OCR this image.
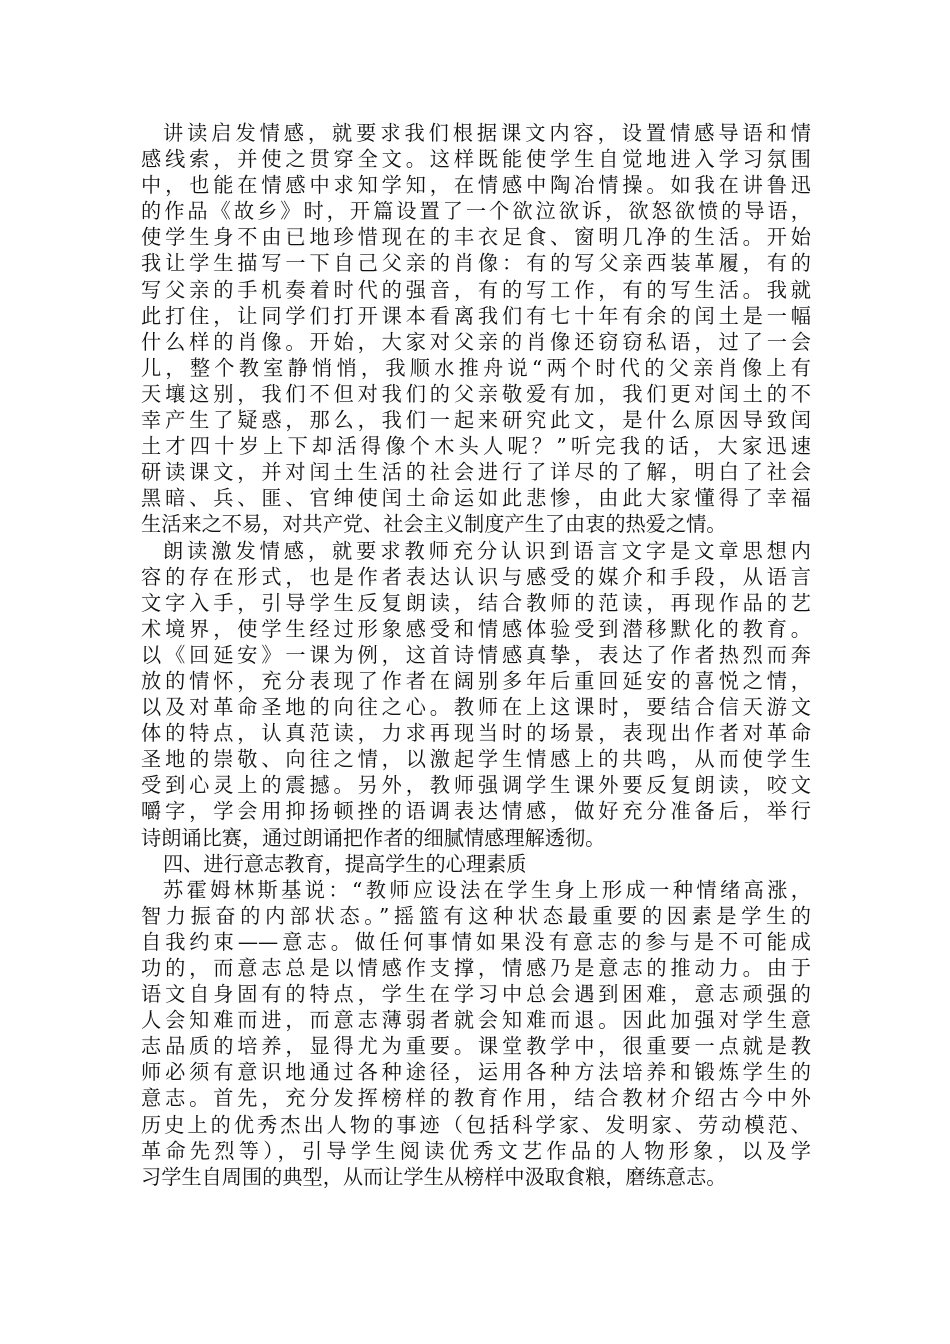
讲读启发情感，就要求我们根据课文内容，设置情感导语和情
感线索，并使之贯穿全文。这样既能使学生自觉地进入学习氛围
中，也能在情感中求知学知，在情感中陶冶情操。如我在讲鲁迅
的作品《故乡》时，开篇设置了一个欲泣欲诉，欲怒欲愤的导语，
使学生身不由已地珍惜现在的丰衣足食、窗明几净的生活。开始
我让学生描写一下自己父亲的肖像：有的写父亲西装革履，有的
写父亲的手机奏着时代的强音，有的写工作，有的写生活。我就
此打住，让同学们打开课本看离我们有七十年有余的闰土是一幅
什么样的肖像。开始，大家对父亲的肖像还窃窃私语，过了一会
儿，整个教室静悄悄，我顺水推舟说“两个时代的父亲肖像上有
天壤这别，我们不但对我们的父亲敬爱有加，我们更对闰土的不
幸产生了疑惑，那么，我们一起来研究此文，是什么原因导致闰
土才四十岁上下却活得像个木头人呢？”听完我的话，大家迅速
研读课文，并对闰土生活的社会进行了详尽的了解，明白了社会
黑暗、兵、匪、官绅使闰土命运如此悲惨，由此大家懂得了幸福
生活来之不易，对共产党、社会主义制度产生了由衷的热爱之情。
朗读激发情感，就要求教师充分认识到语言文字是文章思想内
容的存在形式，也是作者表达认识与感受的媒介和手段，从语言
文字入手，引导学生反复朗读，结合教师的范读，再现作品的艺
术境界，使学生经过形象感受和情感体验受到潜移默化的教育。
以《回延安》一课为例，这首诗情感真挚，表达了作者热烈而奔
放的情怀，充分表现了作者在阔别多年后重回延安的喜悦之情，
以及对革命圣地的向往之心。教师在上这课时，要结合信天游文
体的特点，认真范读，力求再现当时的场景，表现出作者对革命
圣地的崇敬、向往之情，以激起学生情感上的共鸣，从而使学生
受到心灵上的震撼。另外，教师强调学生课外要反复朗读，咬文
嚼字，学会用抑扬顿挫的语调表达情感，做好充分准备后，举行
诗朗诵比赛，通过朗诵把作者的细腻情感理解透彻。
四、进行意志教育，提高学生的心理素质
苏霍姆林斯基说：“教师应设法在学生身上形成一种情绪高涨，
智力振奋的内部状态。”摇篮有这种状态最重要的因素是学生的
自我约束——意志。做任何事情如果没有意志的参与是不可能成
功的，而意志总是以情感作支撑，情感乃是意志的推动力。由于
语文自身固有的特点，学生在学习中总会遇到困难，意志顽强的
人会知难而进，而意志薄弱者就会知难而退。因此加强对学生意
志品质的培养，显得尤为重要。课堂教学中，很重要一点就是教
师必须有意识地通过各种途径，运用各种方法培养和锻炼学生的
意志。首先，充分发挥榜样的教育作用，结合教材介绍古今中外
历史上的优秀杰出人物的事迹（包括科学家、发明家、劳动模范、
革命先烈等），引导学生阅读优秀文艺作品的人物形象，以及学
习学生自周围的典型，从而让学生从榜样中汲取食粮，磨练意志。
